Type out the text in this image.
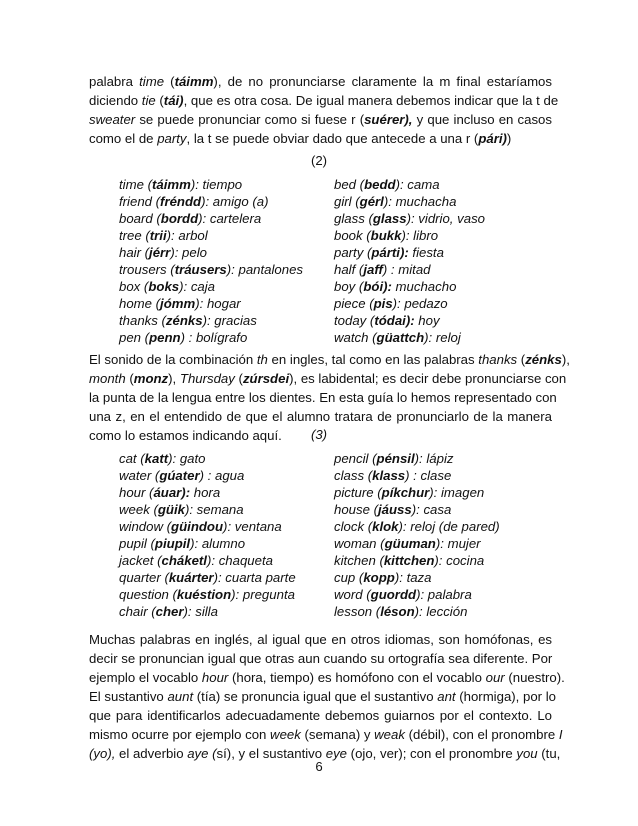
palabra time (táimm), de no pronunciarse claramente la m final estaríamos
diciendo tie (tái), que es otra cosa. De igual manera debemos indicar que la t de
sweater se puede pronunciar como si fuese r (suérer), y que incluso en casos
como el de party, la t se puede obviar dado que antecede a una r (pári))
(2)
time (táimm): tiempo	bed (bedd): cama
friend (fréndd): amigo (a)	girl (gérl): muchacha
board (bordd): cartelera	glass (glass): vidrio, vaso
tree (trii): arbol	book (bukk): libro
hair (jérr): pelo	party (párti): fiesta
trousers (tráusers): pantalones half (jaff) : mitad
box (boks): caja	boy (bói): muchacho
home (jómm): hogar	piece (pis): pedazo
thanks (zénks): gracias	today (tódai): hoy
pen (penn) : bolígrafo	watch (güattch): reloj
El sonido de la combinación th en ingles, tal como en las palabras thanks (zénks),
month (monz), Thursday (zúrsdei), es labidental; es decir debe pronunciarse con
la punta de la lengua entre los dientes. En esta guía lo hemos representado con
una z, en el entendido de que el alumno tratara de pronunciarlo de la manera
como lo estamos indicando aquí.	(3)
cat (katt): gato	pencil (pénsil): lápiz
water (gúater) : agua	class (klass) : clase
hour (áuar): hora	picture (píkchur): imagen
week (güik): semana	house (jáuss): casa
window (güindou): ventana	clock (klok): reloj (de pared)
pupil (piupil): alumno	woman (güuman): mujer
jacket (cháketl): chaqueta	kitchen (kittchen): cocina
quarter (kuárter): cuarta parte	cup (kopp): taza
question (kuéstion): pregunta	word (guordd): palabra
chair (cher): silla	lesson (léson): lección
Muchas palabras en inglés, al igual que en otros idiomas, son homófonas, es
decir se pronuncian igual que otras aun cuando su ortografía sea diferente. Por
ejemplo el vocablo hour (hora, tiempo) es homófono con el vocablo our (nuestro).
El sustantivo aunt (tía) se pronuncia igual que el sustantivo ant (hormiga), por lo
que para identificarlos adecuadamente debemos guiarnos por el contexto. Lo
mismo ocurre por ejemplo con week (semana) y weak (débil), con el pronombre I
(yo), el adverbio aye (sí), y el sustantivo eye (ojo, ver); con el pronombre you (tu,
6
